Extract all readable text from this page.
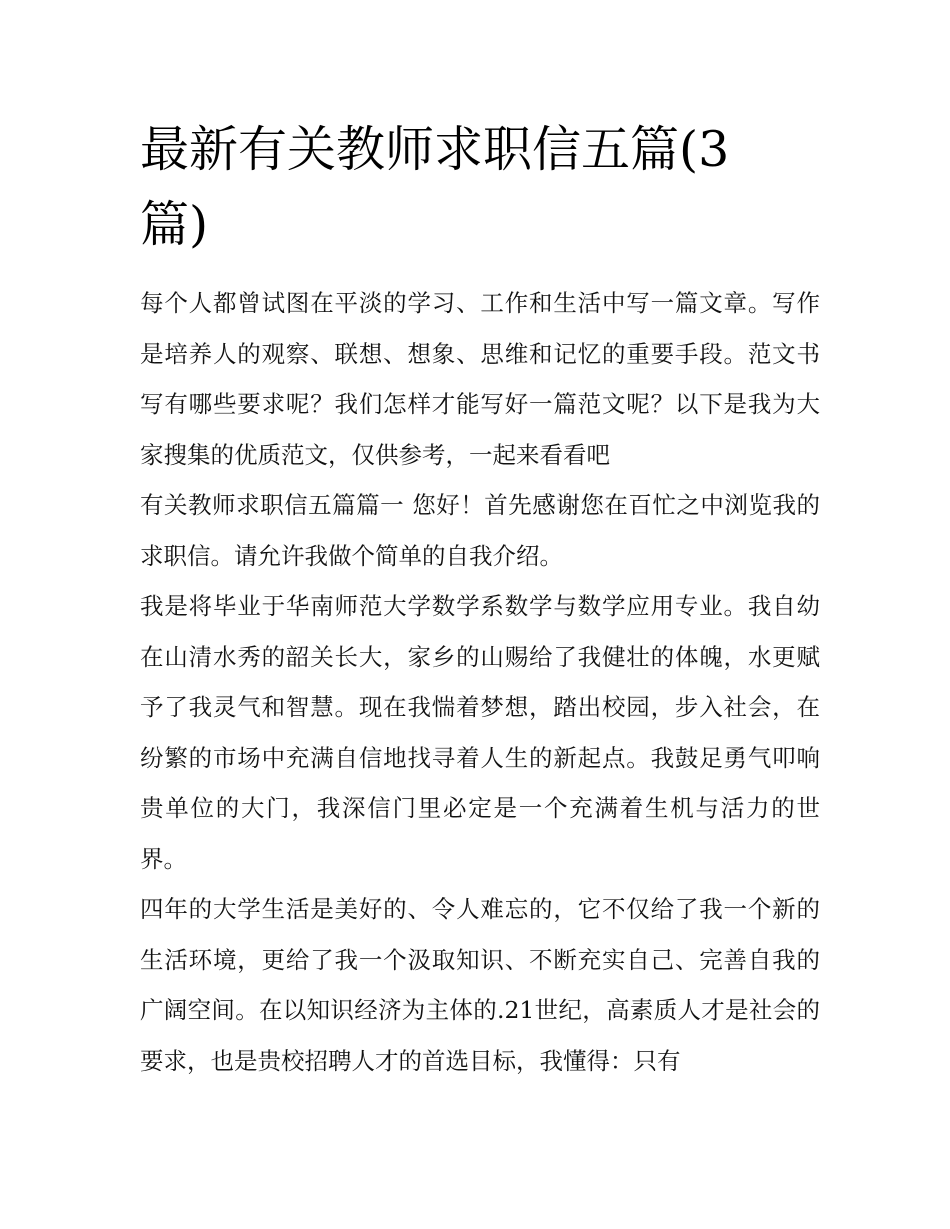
最新有关教师求职信五篇(3篇)

每个人都曾试图在平淡的学习、工作和生活中写一篇文章。写作是培养人的观察、联想、想象、思维和记忆的重要手段。范文书写有哪些要求呢？我们怎样才能写好一篇范文呢？以下是我为大家搜集的优质范文，仅供参考，一起来看看吧

有关教师求职信五篇篇一 您好！首先感谢您在百忙之中浏览我的求职信。请允许我做个简单的自我介绍。

我是将毕业于华南师范大学数学系数学与数学应用专业。我自幼在山清水秀的韶关长大，家乡的山赐给了我健壮的体魄，水更赋予了我灵气和智慧。现在我惴着梦想，踏出校园，步入社会，在纷繁的市场中充满自信地找寻着人生的新起点。我鼓足勇气叩响贵单位的大门，我深信门里必定是一个充满着生机与活力的世界。

四年的大学生活是美好的、令人难忘的，它不仅给了我一个新的生活环境，更给了我一个汲取知识、不断充实自己、完善自我的广阔空间。在以知识经济为主体的.21世纪，高素质人才是社会的要求，也是贵校招聘人才的首选目标，我懂得：只有
